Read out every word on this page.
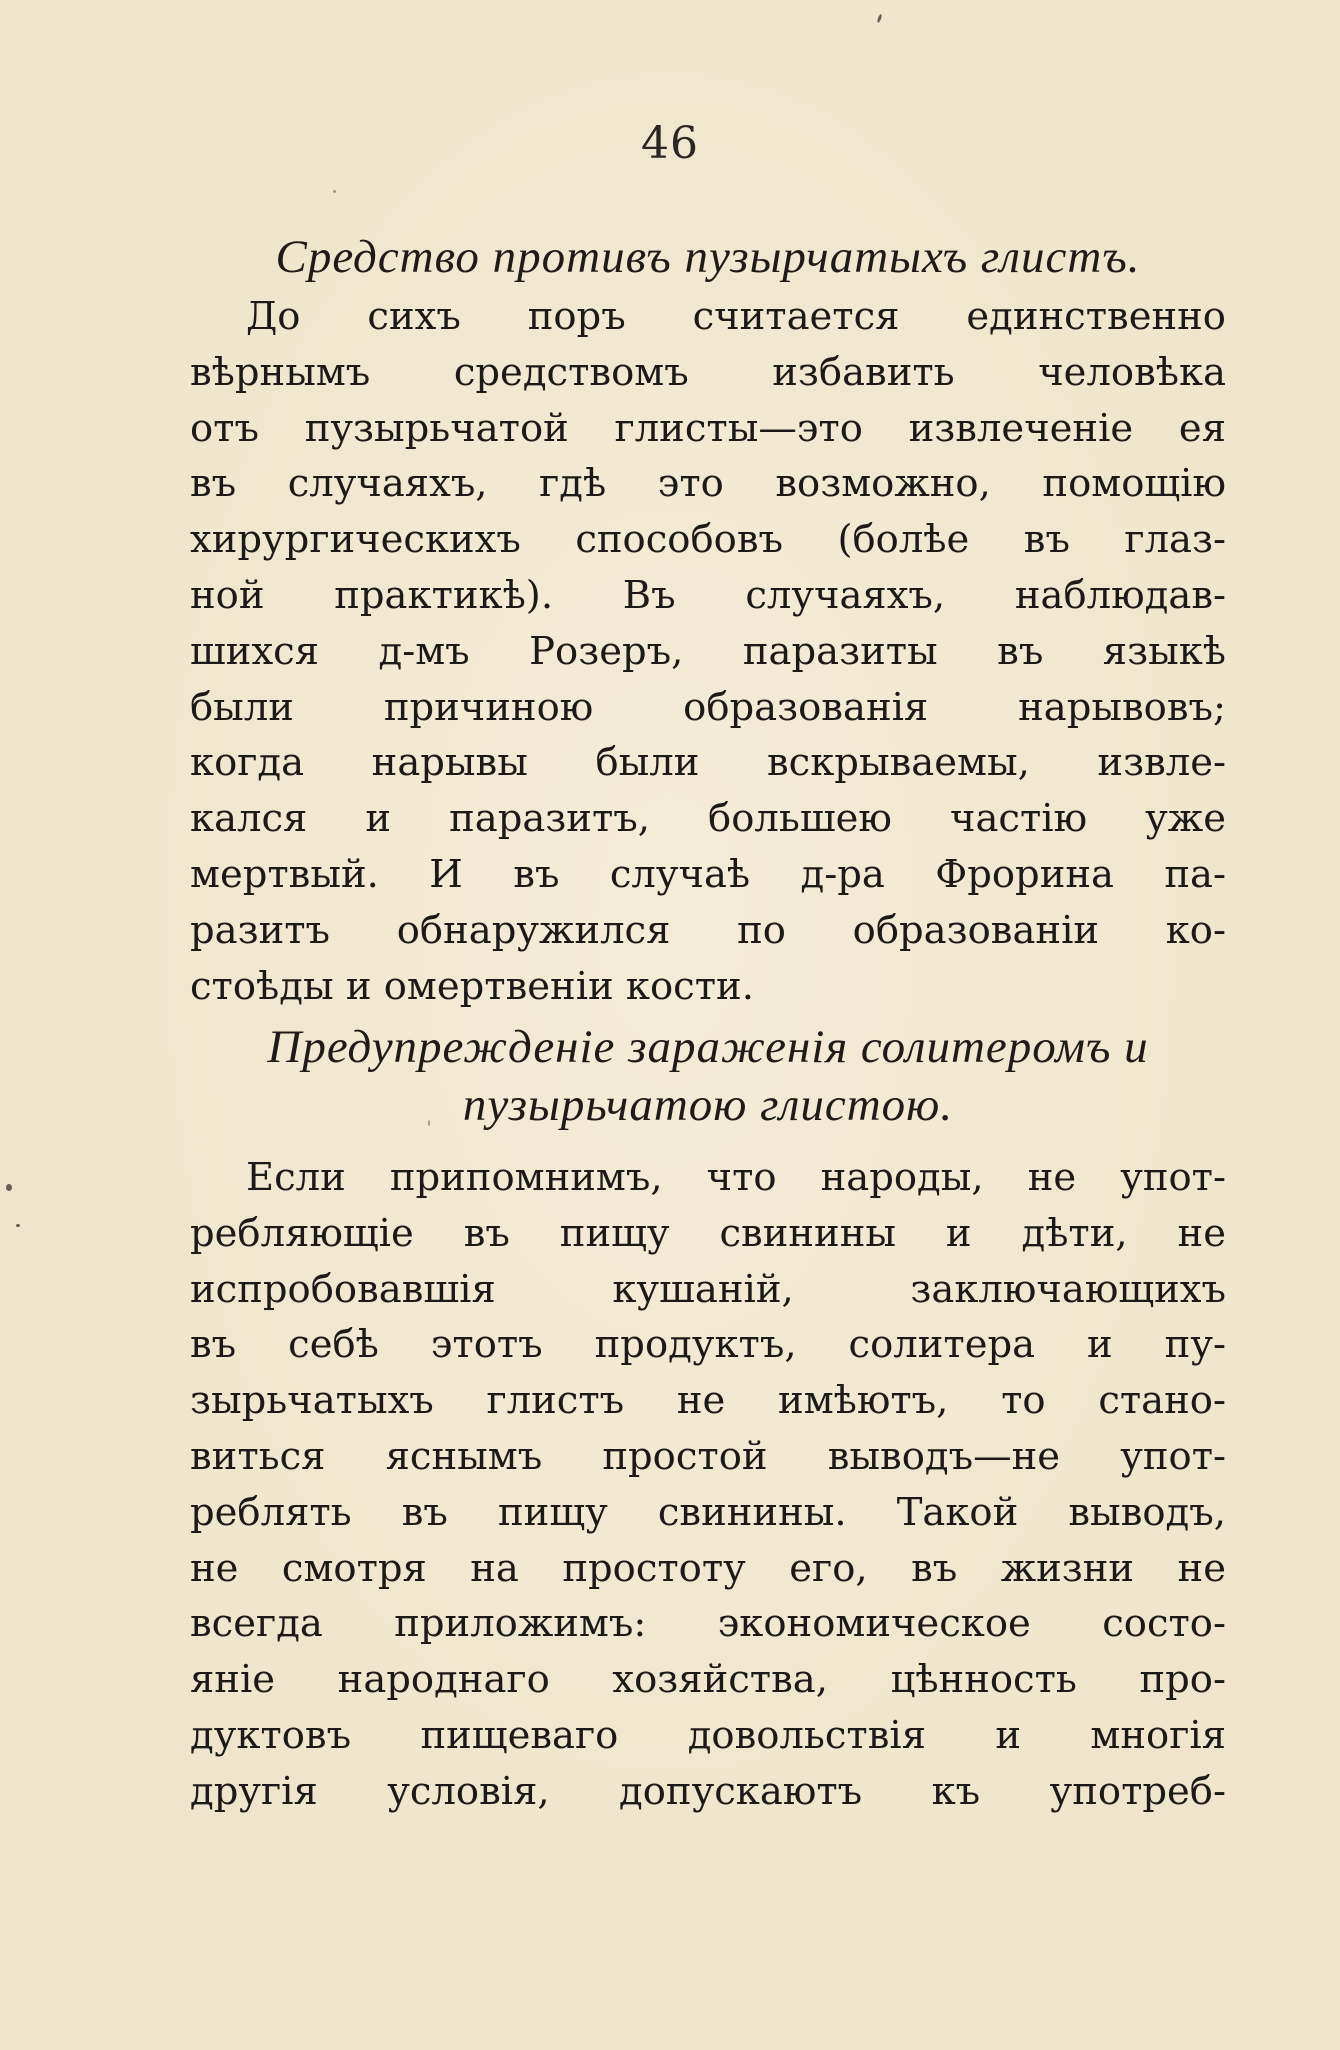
46
Средство противъ пузырчатыхъ глистъ.
До сихъ поръ считается единственно
вѣрнымъ средствомъ избавить человѣка
отъ пузырьчатой глисты—это извлеченіе ея
въ случаяхъ, гдѣ это возможно, помощію
хирургическихъ способовъ (болѣе въ глаз-
ной практикѣ). Въ случаяхъ, наблюдав-
шихся д-мъ Розеръ, паразиты въ языкѣ
были причиною образованія нарывовъ;
когда нарывы были вскрываемы, извле-
кался и паразитъ, большею частію уже
мертвый. И въ случаѣ д-ра Фрорина па-
разитъ обнаружился по образованіи ко-
стоѣды и омертвеніи кости.
Предупрежденіе зараженія солитеромъ и
пузырьчатою глистою.
Если припомнимъ, что народы, не упот-
ребляющіе въ пищу свинины и дѣти, не
испробовавшія кушаній, заключающихъ
въ себѣ этотъ продуктъ, солитера и пу-
зырьчатыхъ глистъ не имѣютъ, то стано-
виться яснымъ простой выводъ—не упот-
реблять въ пищу свинины. Такой выводъ,
не смотря на простоту его, въ жизни не
всегда приложимъ: экономическое состо-
яніе народнаго хозяйства, цѣнность про-
дуктовъ пищеваго довольствія и многія
другія условія, допускаютъ къ употреб-
